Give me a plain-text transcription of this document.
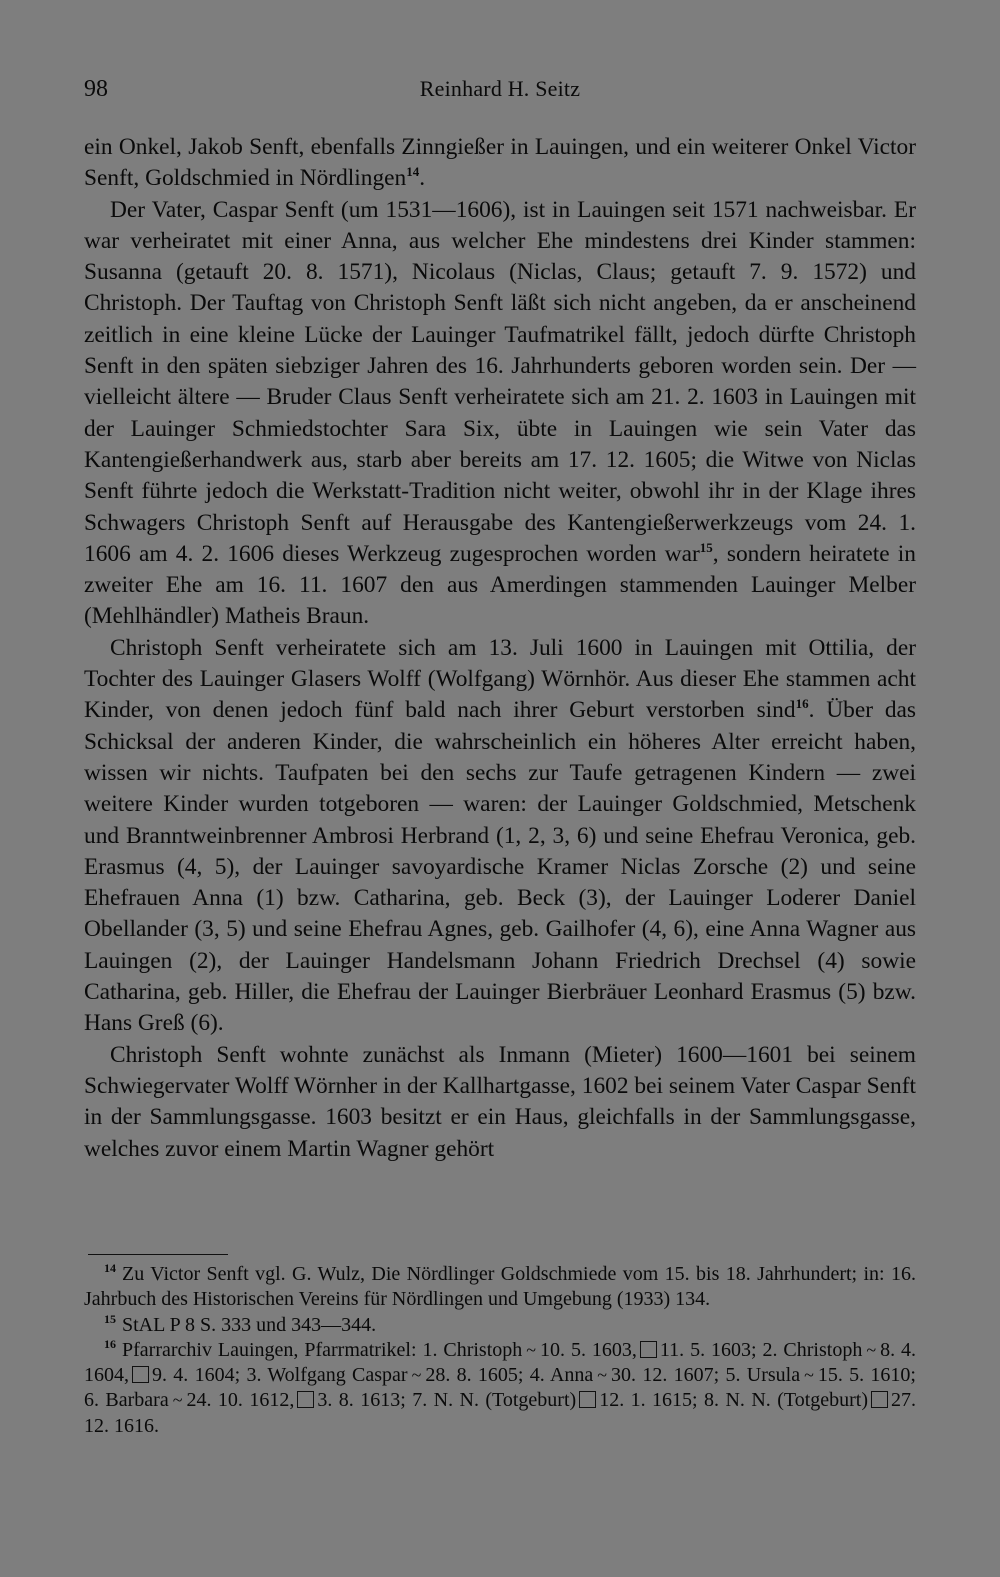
98	Reinhard H. Seitz

ein Onkel, Jakob Senft, ebenfalls Zinngießer in Lauingen, und ein weiterer Onkel Victor Senft, Goldschmied in Nördlingen$^{14}$.

Der Vater, Caspar Senft (um 1531—1606), ist in Lauingen seit 1571 nachweisbar. Er war verheiratet mit einer Anna, aus welcher Ehe mindestens drei Kinder stammen: Susanna (getauft 20. 8. 1571), Nicolaus (Niclas, Claus; getauft 7. 9. 1572) und Christoph. Der Tauftag von Christoph Senft läßt sich nicht angeben, da er anscheinend zeitlich in eine kleine Lücke der Lauinger Taufmatrikel fällt, jedoch dürfte Christoph Senft in den späten siebziger Jahren des 16. Jahrhunderts geboren worden sein. Der — vielleicht ältere — Bruder Claus Senft verheiratete sich am 21. 2. 1603 in Lauingen mit der Lauinger Schmiedstochter Sara Six, übte in Lauingen wie sein Vater das Kantengießerhandwerk aus, starb aber bereits am 17. 12. 1605; die Witwe von Niclas Senft führte jedoch die Werkstatt-Tradition nicht weiter, obwohl ihr in der Klage ihres Schwagers Christoph Senft auf Herausgabe des Kantengießerwerkzeugs vom 24. 1. 1606 am 4. 2. 1606 dieses Werkzeug zugesprochen worden war$^{15}$, sondern heiratete in zweiter Ehe am 16. 11. 1607 den aus Amerdingen stammenden Lauinger Melber (Mehlhändler) Matheis Braun.

Christoph Senft verheiratete sich am 13. Juli 1600 in Lauingen mit Ottilia, der Tochter des Lauinger Glasers Wolff (Wolfgang) Wörnhör. Aus dieser Ehe stammen acht Kinder, von denen jedoch fünf bald nach ihrer Geburt verstorben sind$^{16}$. Über das Schicksal der anderen Kinder, die wahrscheinlich ein höheres Alter erreicht haben, wissen wir nichts. Taufpaten bei den sechs zur Taufe getragenen Kindern — zwei weitere Kinder wurden totgeboren — waren: der Lauinger Goldschmied, Metschenk und Branntweinbrenner Ambrosi Herbrand (1, 2, 3, 6) und seine Ehefrau Veronica, geb. Erasmus (4, 5), der Lauinger savoyardische Kramer Niclas Zorsche (2) und seine Ehefrauen Anna (1) bzw. Catharina, geb. Beck (3), der Lauinger Loderer Daniel Obellander (3, 5) und seine Ehefrau Agnes, geb. Gailhofer (4, 6), eine Anna Wagner aus Lauingen (2), der Lauinger Handelsmann Johann Friedrich Drechsel (4) sowie Catharina, geb. Hiller, die Ehefrau der Lauinger Bierbräuer Leonhard Erasmus (5) bzw. Hans Greß (6).

Christoph Senft wohnte zunächst als Inmann (Mieter) 1600—1601 bei seinem Schwiegervater Wolff Wörnher in der Kallhartgasse, 1602 bei seinem Vater Caspar Senft in der Sammlungsgasse. 1603 besitzt er ein Haus, gleichfalls in der Sammlungsgasse, welches zuvor einem Martin Wagner gehört

$^{14}$ Zu Victor Senft vgl. G. Wulz, Die Nördlinger Goldschmiede vom 15. bis 18. Jahrhundert; in: 16. Jahrbuch des Historischen Vereins für Nördlingen und Umgebung (1933) 134.

$^{15}$ StAL P 8 S. 333 und 343—344.

$^{16}$ Pfarrarchiv Lauingen, Pfarrmatrikel: 1. Christoph ~ 10. 5. 1603, 11. 5. 1603; 2. Christoph ~ 8. 4. 1604, 9. 4. 1604; 3. Wolfgang Caspar ~ 28. 8. 1605; 4. Anna ~ 30. 12. 1607; 5. Ursula ~ 15. 5. 1610; 6. Barbara ~ 24. 10. 1612, 3. 8. 1613; 7. N. N. (Totgeburt) 12. 1. 1615; 8. N. N. (Totgeburt) 27. 12. 1616.
